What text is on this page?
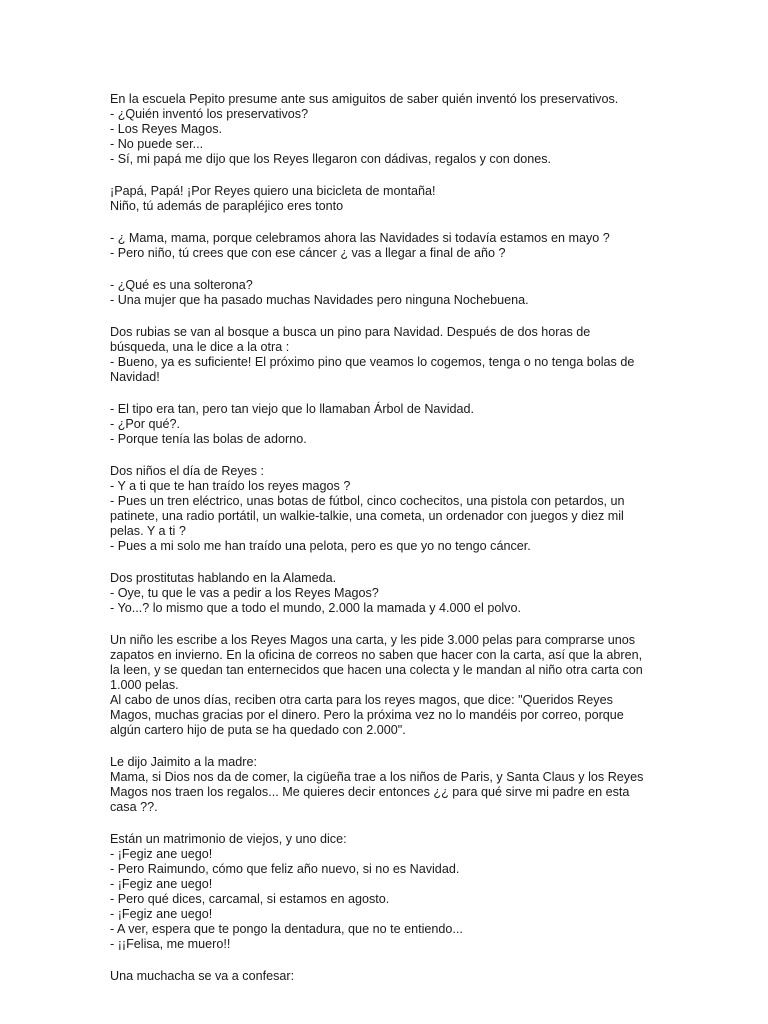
En la escuela Pepito presume ante sus amiguitos de saber quién inventó los preservativos.
- ¿Quién inventó los preservativos?
- Los Reyes Magos.
- No puede ser...
- Sí, mi papá me dijo que los Reyes llegaron con dádivas, regalos y con dones.
¡Papá, Papá! ¡Por Reyes quiero una bicicleta de montaña!
Niño, tú además de parapléjico eres tonto
- ¿ Mama, mama, porque celebramos ahora las Navidades si todavía estamos en mayo ?
- Pero niño, tú crees que con ese cáncer ¿ vas a llegar a final de año ?
- ¿Qué es una solterona?
- Una mujer que ha pasado muchas Navidades pero ninguna Nochebuena.
Dos rubias se van al bosque a busca un pino para Navidad. Después de dos horas de
búsqueda, una le dice a la otra :
- Bueno, ya es suficiente! El próximo pino que veamos lo cogemos, tenga o no tenga bolas de
Navidad!
- El tipo era tan, pero tan viejo que lo llamaban Árbol de Navidad.
- ¿Por qué?.
- Porque tenía las bolas de adorno.
Dos niños el día de Reyes :
- Y a ti que te han traído los reyes magos ?
- Pues un tren eléctrico, unas botas de fútbol, cinco cochecitos, una pistola con petardos, un
patinete, una radio portátil, un walkie-talkie, una cometa, un ordenador con juegos y diez mil
pelas. Y a ti ?
- Pues a mi solo me han traído una pelota, pero es que yo no tengo cáncer.
Dos prostitutas hablando en la Alameda.
- Oye, tu que le vas a pedir a los Reyes Magos?
- Yo...? lo mismo que a todo el mundo, 2.000 la mamada y 4.000 el polvo.
Un niño les escribe a los Reyes Magos una carta, y les pide 3.000 pelas para comprarse unos
zapatos en invierno. En la oficina de correos no saben que hacer con la carta, así que la abren,
la leen, y se quedan tan enternecidos que hacen una colecta y le mandan al niño otra carta con
1.000 pelas.
Al cabo de unos días, reciben otra carta para los reyes magos, que dice: "Queridos Reyes
Magos, muchas gracias por el dinero. Pero la próxima vez no lo mandéis por correo, porque
algún cartero hijo de puta se ha quedado con 2.000".
Le dijo Jaimito a la madre:
Mama, si Dios nos da de comer, la cigüeña trae a los niños de Paris, y Santa Claus y los Reyes
Magos nos traen los regalos... Me quieres decir entonces ¿¿ para qué sirve mi padre en esta
casa ??.
Están un matrimonio de viejos, y uno dice:
- ¡Fegiz ane uego!
- Pero Raimundo, cómo que feliz año nuevo, si no es Navidad.
- ¡Fegiz ane uego!
- Pero qué dices, carcamal, si estamos en agosto.
- ¡Fegiz ane uego!
- A ver, espera que te pongo la dentadura, que no te entiendo...
- ¡¡Felisa, me muero!!
Una muchacha se va a confesar:
